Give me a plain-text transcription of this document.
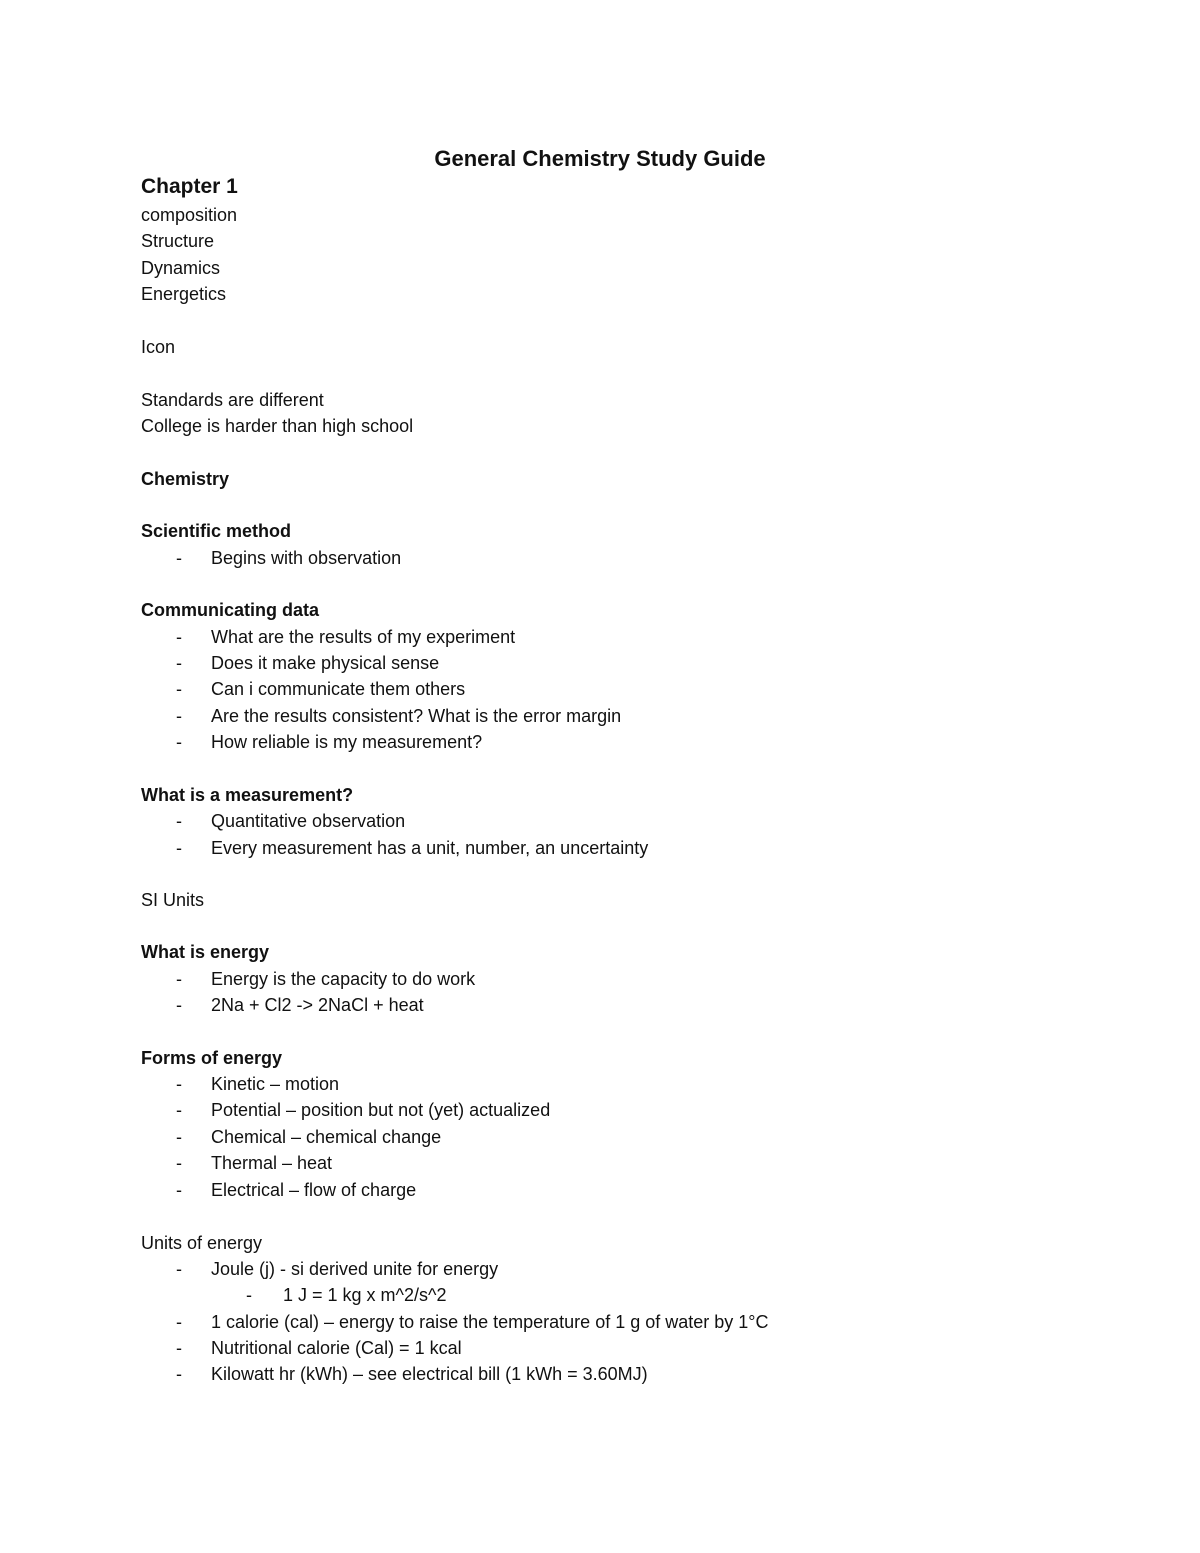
General Chemistry Study Guide
Chapter 1
composition
Structure
Dynamics
Energetics
Icon
Standards are different
College is harder than high school
Chemistry
Scientific method
-	Begins with observation
Communicating data
-	What are the results of my experiment
-	Does it make physical sense
-	Can i communicate them others
-	Are the results consistent? What is the error margin
-	How reliable is my measurement?
What is a measurement?
-	Quantitative observation
-	Every measurement has a unit, number, an uncertainty
SI Units
What is energy
-	Energy is the capacity to do work
-	2Na + Cl2 -> 2NaCl + heat
Forms of energy
-	Kinetic – motion
-	Potential – position but not (yet) actualized
-	Chemical – chemical change
-	Thermal – heat
-	Electrical – flow of charge
Units of energy
-	Joule (j) - si derived unite for energy
-	1 J = 1 kg x m^2/s^2
-	1 calorie (cal) – energy to raise the temperature of 1 g of water by 1°C
-	Nutritional calorie (Cal) = 1 kcal
-	Kilowatt hr (kWh) – see electrical bill (1 kWh = 3.60MJ)
